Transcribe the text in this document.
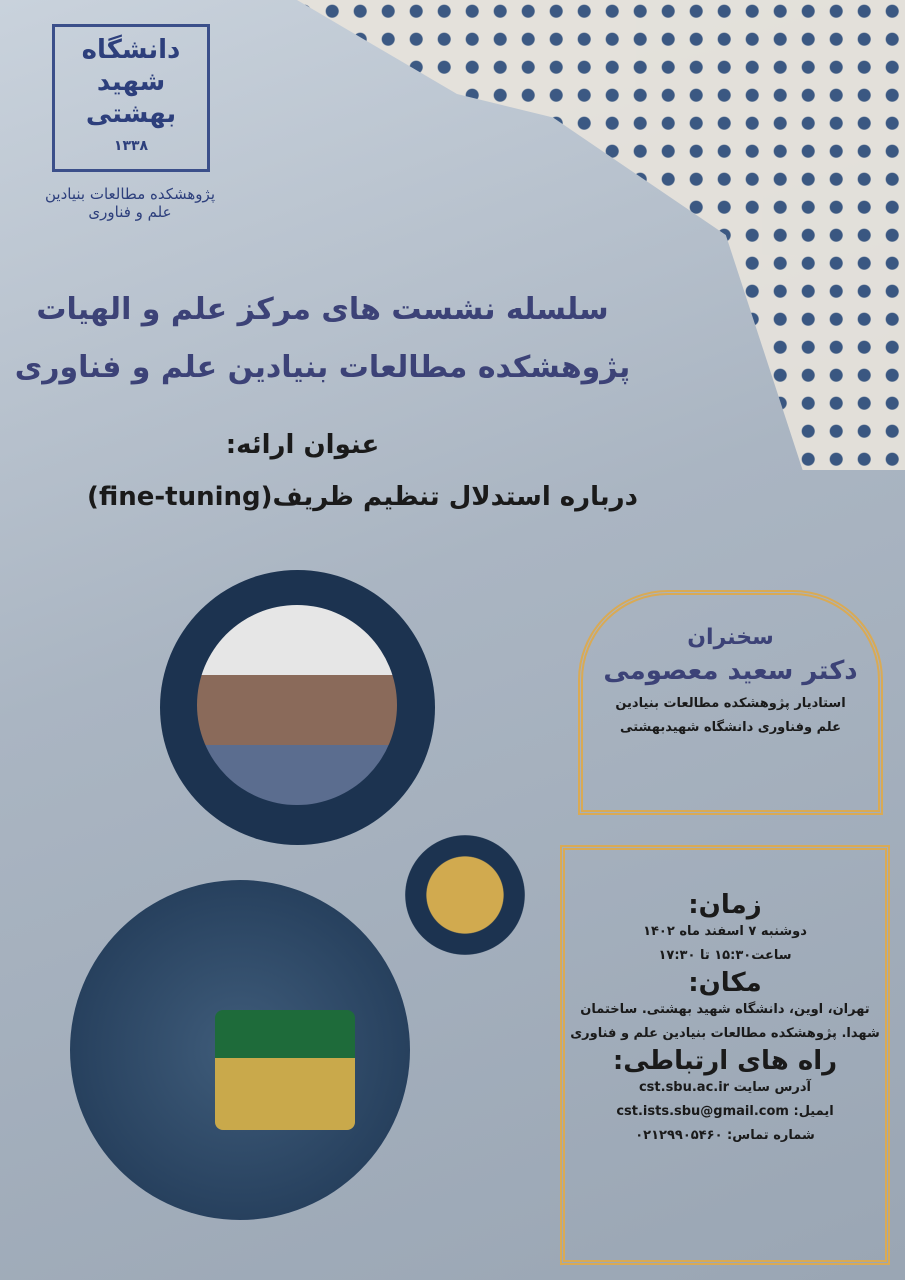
دانشگاه شهید بهشتی
۱۳۳۸
پژوهشکده مطالعات بنیادین
علم و فناوری
سلسله نشست های مرکز علم و الهیات
پژوهشکده مطالعات بنیادین علم و فناوری
عنوان ارائه:
درباره استدلال تنظیم ظریف(fine-tuning)
سخنران
دکتر سعید معصومی

استادیار پژوهشکده مطالعات بنیادین

علم وفناوری دانشگاه شهیدبهشتی

زمان:

دوشنبه ۷ اسفند ماه ۱۴۰۲

ساعت۱۵:۳۰ تا ۱۷:۳۰

مکان:

تهران، اوین، دانشگاه شهید بهشتی. ساختمان

شهدا. پژوهشکده مطالعات بنیادین علم و فناوری

راه های ارتباطی:

آدرس سایت cst.sbu.ac.ir

ایمیل: cst.ists.sbu@gmail.com

شماره تماس: ۰۲۱۲۹۹۰۵۴۶۰
